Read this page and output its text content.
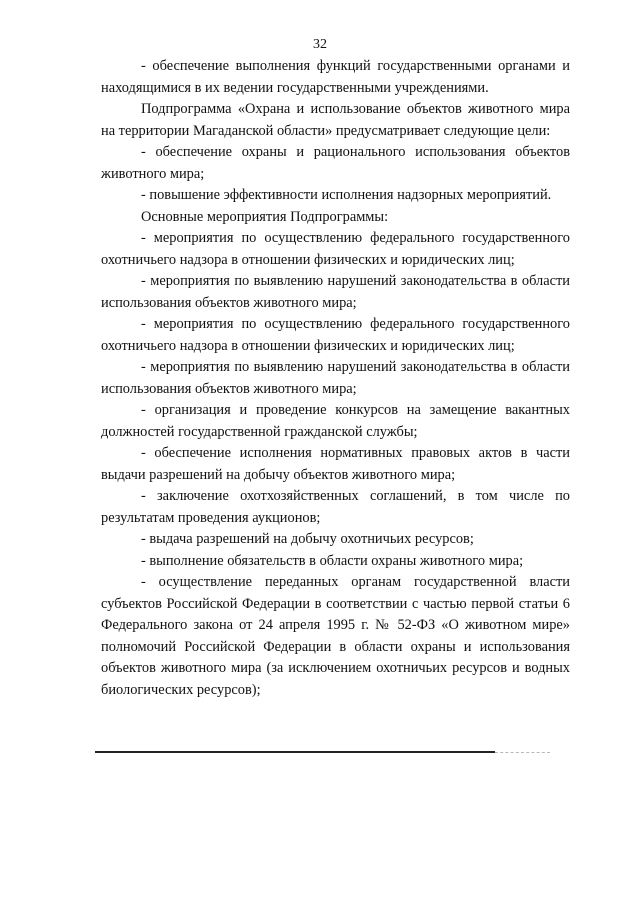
32

- обеспечение выполнения функций государственными органами и находящимися в их ведении государственными учреждениями.

Подпрограмма «Охрана и использование объектов животного мира на территории Магаданской области» предусматривает следующие цели:

- обеспечение охраны и рационального использования объектов животного мира;

- повышение эффективности исполнения надзорных мероприятий.

Основные мероприятия Подпрограммы:

- мероприятия по осуществлению федерального государственного охотничьего надзора в отношении физических и юридических лиц;

- мероприятия по выявлению нарушений законодательства в области использования объектов животного мира;

- мероприятия по осуществлению федерального государственного охотничьего надзора в отношении физических и юридических лиц;

- мероприятия по выявлению нарушений законодательства в области использования объектов животного мира;

- организация и проведение конкурсов на замещение вакантных должностей государственной гражданской службы;

- обеспечение исполнения нормативных правовых актов в части выдачи разрешений на добычу объектов животного мира;

- заключение охотхозяйственных соглашений, в том числе по результатам проведения аукционов;

- выдача разрешений на добычу охотничьих ресурсов;

- выполнение обязательств в области охраны животного мира;

- осуществление переданных органам государственной власти субъектов Российской Федерации в соответствии с частью первой статьи 6 Федерального закона от 24 апреля 1995 г. № 52-ФЗ «О животном мире» полномочий Российской Федерации в области охраны и использования объектов животного мира (за исключением охотничьих ресурсов и водных биологических ресурсов);
